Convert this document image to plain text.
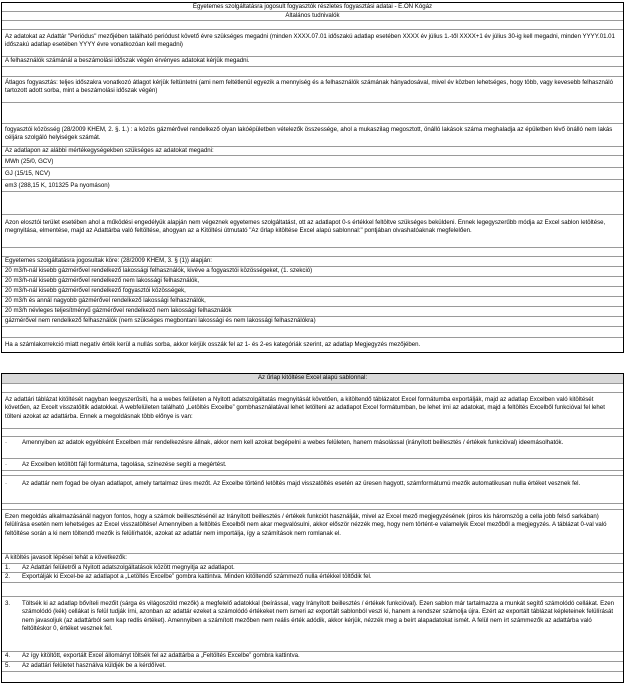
Egyetemes szolgáltatásra jogosult fogyasztók részletes fogyasztási adatai - E.ON Kógáz
Általános tudnivalók
Az adatokat az Adattár "Periódus" mezőjében található periódust követő évre szükséges megadni (minden XXXX.07.01 időszakú adatlap esetében XXXX év július 1.-től XXXX+1 év július 30-ig kell megadni, minden YYYY.01.01 időszakú adatlap esetében YYYY évre vonatkozóan kell megadni)
A felhasználók számánál a beszámolási időszak végén érvényes adatokat kérjük megadni.
Átlagos fogyasztás: teljes időszakra vonatkozó átlagot kérjük feltüntetni (ami nem feltétlenül egyezik a mennyiség és a felhasználók számának hányadosával, mivel év közben lehetséges, hogy több, vagy kevesebb felhasználó tartozott adott sorba, mint a beszámolási időszak végén)
fogyasztói közösség (28/2009 KHEM, 2. §. 1.) : a közös gázmérővel rendelkező olyan lakóépületben vételezők összessége, ahol a mukaszilag megosztott, önálló lakások száma meghaladja az épületben lévő önálló nem lakás céljára szolgáló helyiségek számát.
Az adatlapon az alábbi mértékegységekben szükséges az adatokat megadni:
MWh (25/0, GCV)
GJ (15/15, NCV)
em3 (288,15 K, 101325 Pa nyomáson)
Azon elosztói terület esetében ahol a működési engedélyük alapján nem végeznek egyetemes szolgáltatást, ott az adatlapot 0-s értékkel feltöltve szükséges beküldeni. Ennek legegyszerűbb módja az Excel sablon letöltése, megnyitása, elmentése, majd az Adattárba való feltöltése, ahogyan az a Kitöltési útmutató "Az űrlap kitöltése Excel alapú sablonnal:" pontjában olvashatóaknak megfelelően.
Egyetemes szolgáltatásra jogosultak köre: (28/2009 KHEM, 3. § (1)) alapján:
20 m3/h-nál kisebb gázmérővel rendelkező lakossági felhasználók, kivéve a fogyasztói közösségeket, (1. szekció)
20 m3/h-nál kisebb gázmérővel rendelkező nem lakossági felhasználók,
20 m3/h-nál kisebb gázmérővel rendelkező fogyasztói közösségek,
20 m3/h és annál nagyobb gázmérővel rendelkező lakossági felhasználók,
20 m3/h névleges teljesítményű gázmérővel rendelkező nem lakossági felhasználók
gázmérővel nem rendelkező felhasználók (nem szükséges megbontani lakossági és nem lakossági felhasználókra)
Ha a számlakorrekció miatt negatív érték kerül a nullás sorba, akkor kérjük osszák fel az 1- és 2-es kategóriák szerint, az adatlap Megjegyzés mezőjében.
Az űrlap kitöltése Excel alapú sablonnal:
Az adattári táblázat kitöltését nagyban leegyszerűsíti, ha a webes felületen a Nyitott adatszolgáltatás megnyitását követően, a kitöltendő táblázatot Excel formátumba exportálják, majd az adatlap Excelben való kitöltését követően, az Excelt visszatöltik adatokkal. A webfelületen található „Letöltés Excelbe” gombhasználatával lehet letölteni az adatlapot Excel formátumban, be lehet írni az adatokat, majd a feltöltés Excelből funkcióval fel lehet tölteni azokat az adattárba. Ennek a megoldásnak több előnye is van:
· Amennyiben az adatok egyébként Excelben már rendelkezésre állnak, akkor nem kell azokat begépelni a webes felületen, hanem másolással (irányított beillesztés / értékek funkcióval) ideemásolhatók.
· Az Excelben letöltött fájl formátuma, tagolása, színezése segíti a megértést.
· Az adattár nem fogad be olyan adatlapot, amely tartalmaz üres mezőt. Az Excelbe történő letöltés majd visszatöltés esetén az üresen hagyott, számformátumú mezők automatikusan nulla értéket vesznek fel.
Ezen megoldás alkalmazásánál nagyon fontos, hogy a számok beillesztésénél az Irányított beillesztés / értékek funkciót használják, mivel az Excel mező megjegyzésének (piros kis háromszög a cella jobb felső sarkában) felülírása esetén nem lehetséges az Excel visszatöltése! Amennyiben a feltöltés Excelből nem akar megvalósulni, akkor először nézzék meg, hogy nem történt-e valamelyik Excel mezőből a megjegyzés. A táblázat 0-val való feltöltése során a ki nem töltendő mezők is felülírhatók, azokat az adattár nem importálja, így a számítások nem romlanak el.
A kitöltés javasolt lépései tehát a következők:
1. Az Adattári felületről a Nyitott adatszolgáltatások között megnyitja az adatlapot.
2. Exportálják ki Excel-be az adatlapot a „Letöltés Excelbe” gombra kattintva. Minden kitöltendő számmező nulla értékkel töltődik fel.
3. Töltsék ki az adatlap bővíteli mezőit (sárga és világoszöld mezők) a megfelelő adatokkal (beírással, vagy Irányított beillesztés / értékek funkcióval). Ezen sablon már tartalmazza a munkát segítő számolódó cellákat. Ezen számolódó (kék) cellákat is felül tudják írni, azonban az adattár ezeket a számolódó értékeket nem ismeri az exportált sablonból veszi ki, hanem a rendszer számolja újra. Ezért az exportált táblázat képleteinek felülírását nem javasoljuk (az adattárból sem kap redlis értéket). Amennyiben a számított mezőben nem reális érték adódik, akkor kérjük, nézzék meg a beírt alapadatokat ismét. A felül nem írt számmezők az adattárba való feltöltéskor 0, értéket vesznek fel.
4. Az így kitöltött, exportált Excel állományt töltsék fel az adattárba a „Feltöltés Excelbe” gombra kattintva.
5. Az adattári felületet használva küldjék be a kérdőívet.
